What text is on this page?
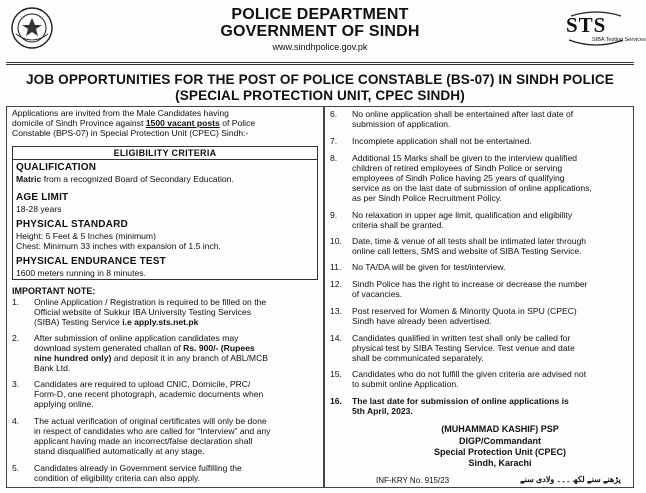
POLICE DEPARTMENT
GOVERNMENT OF SINDH
www.sindhpolice.gov.pk
STS
SIBA Testing Services
JOB OPPORTUNITIES FOR THE POST OF POLICE CONSTABLE (BS-07) IN SINDH POLICE
(SPECIAL PROTECTION UNIT, CPEC SINDH)
Applications are invited from the Male Candidates having
domicile of Sindh Province against 1500 vacant posts of Police
Constable (BPS-07) in Special Protection Unit (CPEC) Sindh:-
ELIGIBILITY CRITERIA
QUALIFICATION
Matric from a recognized Board of Secondary Education.
AGE LIMIT
18-28 years
PHYSICAL STANDARD
Height: 5 Feet & 5 Inches (minimum)
Chest: Minimum 33 inches with expansion of 1.5 inch.
PHYSICAL ENDURANCE TEST
1600 meters running in 8 minutes.
IMPORTANT NOTE:
1. Online Application / Registration is required to be filled on the
Official website of Sukkur IBA University Testing Services
(SIBA) Testing Service i.e apply.sts.net.pk
2. After submission of online application candidates may
download system generated challan of Rs. 900/- (Rupees
nine hundred only) and deposit it in any branch of ABL/MCB
Bank Ltd.
3. Candidates are required to upload CNIC, Domicile, PRC/
Form-D, one recent photograph, academic documents when
applying online.
4. The actual verification of original certificates will only be done
in respect of candidates who are called for “Interview” and any
applicant having made an incorrect/false declaration shall
stand disqualified automatically at any stage.
5. Candidates already in Government service fulfilling the
condition of eligibility criteria can also apply.
6. No online application shall be entertained after last date of
submission of application.
7. Incomplete application shall not be entertained.
8. Additional 15 Marks shall be given to the interview qualified
children of retired employees of Sindh Police or serving
employees of Sindh Police having 25 years of qualifying
service as on the last date of submission of online applications,
as per Sindh Police Recruitment Policy.
9. No relaxation in upper age limit, qualification and eligibility
criteria shall be granted.
10. Date, time & venue of all tests shall be intimated later through
online call letters, SMS and website of SIBA Testing Service.
11. No TA/DA will be given for test/interview.
12. Sindh Police has the right to increase or decrease the number
of vacancies.
13. Post reserved for Women & Minority Quota in SPU (CPEC)
Sindh have already been advertised.
14. Candidates qualified in written test shall only be called for
physical test by SIBA Testing Service. Test venue and date
shall be communicated separately.
15. Candidates who do not fulfill the given criteria are advised not
to submit online Application.
16. The last date for submission of online applications is
5th April, 2023.
(MUHAMMAD KASHIF) PSP
DIGP/Commandant
Special Protection Unit (CPEC)
Sindh, Karachi
INF-KRY No. 915/23	پڑھنے سنے لکھ ۔۔۔ ولادی سنے
